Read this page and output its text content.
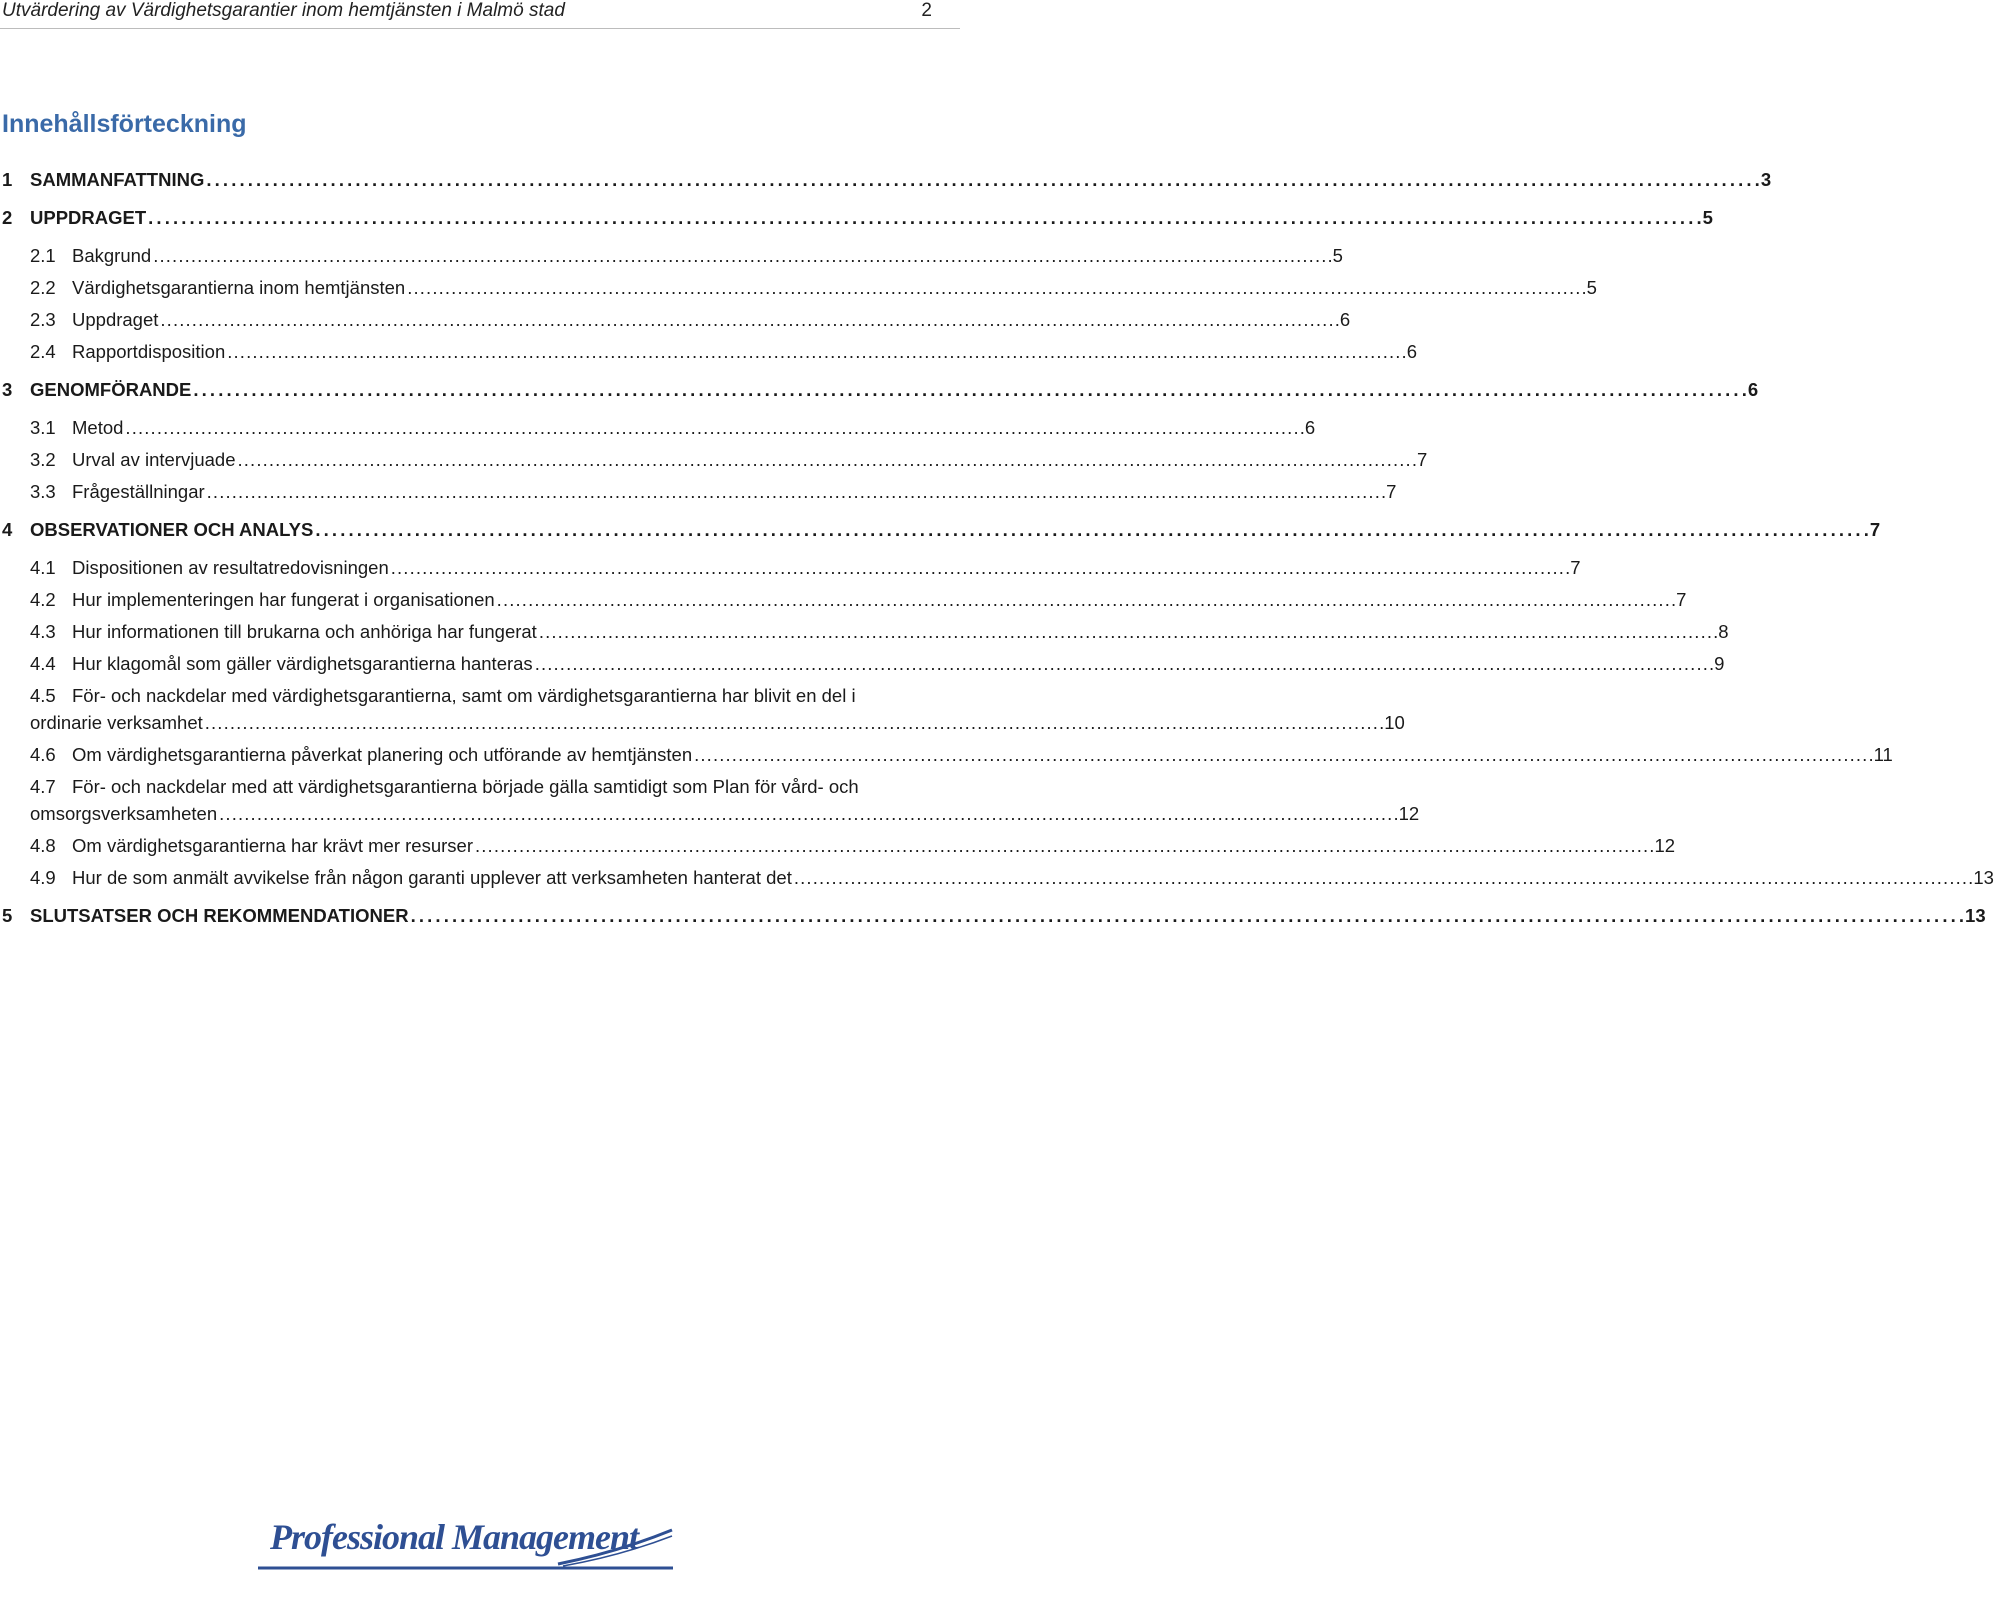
Utvärdering av Värdighetsgarantier inom hemtjänsten i Malmö stad	2
Innehållsförteckning
1 SAMMANFATTNING . . .	3
2 UPPDRAGET . . .	5
2.1 Bakgrund . . .	5
2.2 Värdighetsgarantierna inom hemtjänsten . . .	5
2.3 Uppdraget . . .	6
2.4 Rapportdisposition . . .	6
3 GENOMFÖRANDE . . .	6
3.1 Metod . . .	6
3.2 Urval av intervjuade . . .	7
3.3 Frågeställningar . . .	7
4 OBSERVATIONER OCH ANALYS . . .	7
4.1 Dispositionen av resultatredovisningen . . .	7
4.2 Hur implementeringen har fungerat i organisationen . . .	7
4.3 Hur informationen till brukarna och anhöriga har fungerat . . .	8
4.4 Hur klagomål som gäller värdighetsgarantierna hanteras . . .	9
4.5 För- och nackdelar med värdighetsgarantierna, samt om värdighetsgarantierna har blivit en del i
ordinarie verksamhet . . .	10
4.6 Om värdighetsgarantierna påverkat planering och utförande av hemtjänsten . . .	11
4.7 För- och nackdelar med att värdighetsgarantierna började gälla samtidigt som Plan för vård- och
omsorgsverksamheten . . .	12
4.8 Om värdighetsgarantierna har krävt mer resurser . . .	12
4.9 Hur de som anmält avvikelse från någon garanti upplever att verksamheten hanterat det . . .	13
5 SLUTSATSER OCH REKOMMENDATIONER . . .	13
Professional Management
